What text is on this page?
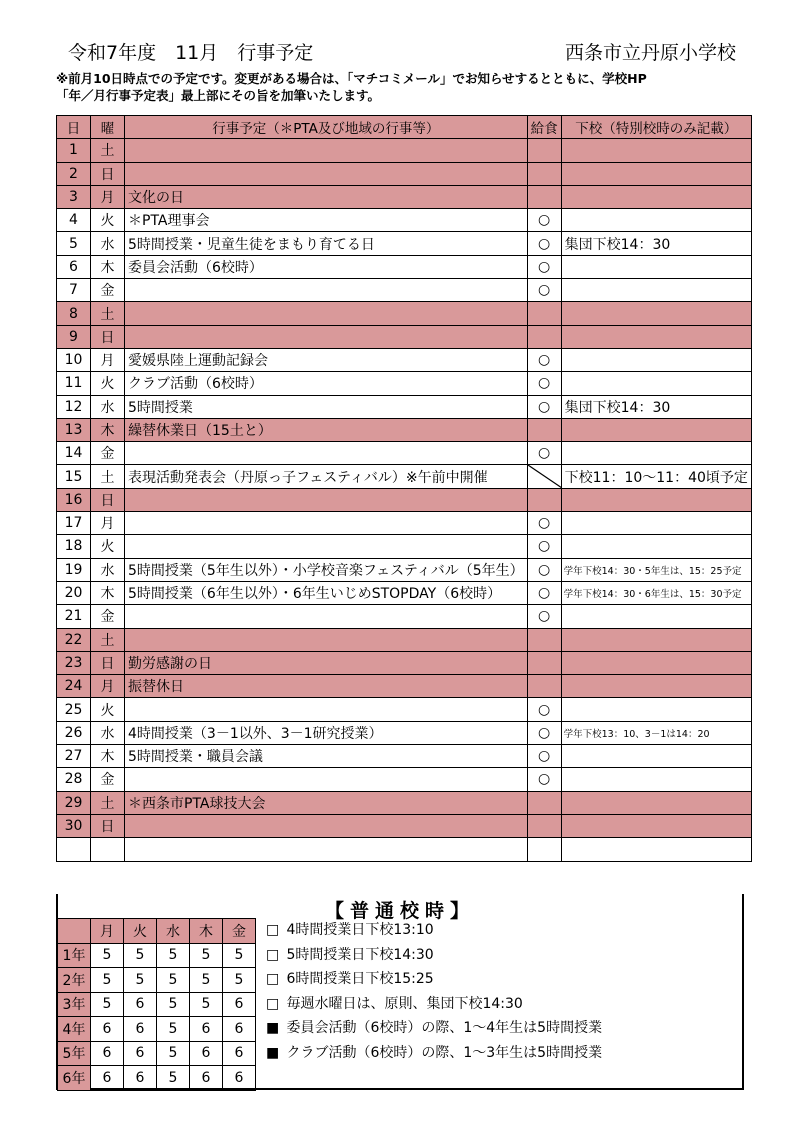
令和7年度　11月　行事予定	西条市立丹原小学校
※前月10日時点での予定です。変更がある場合は、「マチコミメール」でお知らせするとともに、学校HP
「年／月行事予定表」最上部にその旨を加筆いたします。
日	曜	行事予定（＊PTA及び地域の行事等）	給食	下校（特別校時のみ記載）
1	土			
2	日			
3	月	文化の日		
4	火	＊PTA理事会	○	
5	水	5時間授業・児童生徒をまもり育てる日	○	集団下校14：30
6	木	委員会活動（6校時）	○	
7	金		○	
8	土			
9	日			
10	月	愛媛県陸上運動記録会	○	
11	火	クラブ活動（6校時）	○	
12	水	5時間授業	○	集団下校14：30
13	木	繰替休業日（15土と）		
14	金		○	
15	土	表現活動発表会（丹原っ子フェスティバル）※午前中開催		下校11：10～11：40頃予定
16	日			
17	月		○	
18	火		○	
19	水	5時間授業（5年生以外）・小学校音楽フェスティバル（5年生）	○	学年下校14：30・5年生は、15：25予定
20	木	5時間授業（6年生以外）・6年生いじめSTOPDAY（6校時）	○	学年下校14：30・6年生は、15：30予定
21	金		○	
22	土			
23	日	勤労感謝の日		
24	月	振替休日		
25	火		○	
26	水	4時間授業（3－1以外、3－1研究授業）	○	学年下校13：10、3－1は14：20
27	木	5時間授業・職員会議	○	
28	金		○	
29	土	＊西条市PTA球技大会		
30	日			

【普通校時】
	月	火	水	木	金
1年	5	5	5	5	5
2年	5	5	5	5	5
3年	5	6	5	5	6
4年	6	6	5	6	6
5年	6	6	5	6	6
6年	6	6	5	6	6
□ 4時間授業日下校13:10
□ 5時間授業日下校14:30
□ 6時間授業日下校15:25
□ 毎週水曜日は、原則、集団下校14:30
■ 委員会活動（6校時）の際、1～4年生は5時間授業
■ クラブ活動（6校時）の際、1～3年生は5時間授業
